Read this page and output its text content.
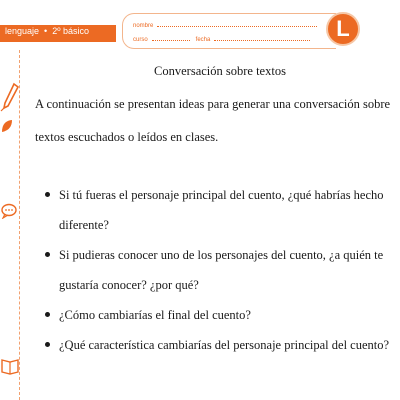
lenguaje • 2º básico	nombre
curso	fecha	L
Conversación sobre textos

A continuación se presentan ideas para generar una conversación sobre textos escuchados o leídos en clases.

Si tú fueras el personaje principal del cuento, ¿qué habrías hecho diferente?
Si pudieras conocer uno de los personajes del cuento, ¿a quién te gustaría conocer? ¿por qué?
¿Cómo cambiarías el final del cuento?
¿Qué característica cambiarías del personaje principal del cuento?
